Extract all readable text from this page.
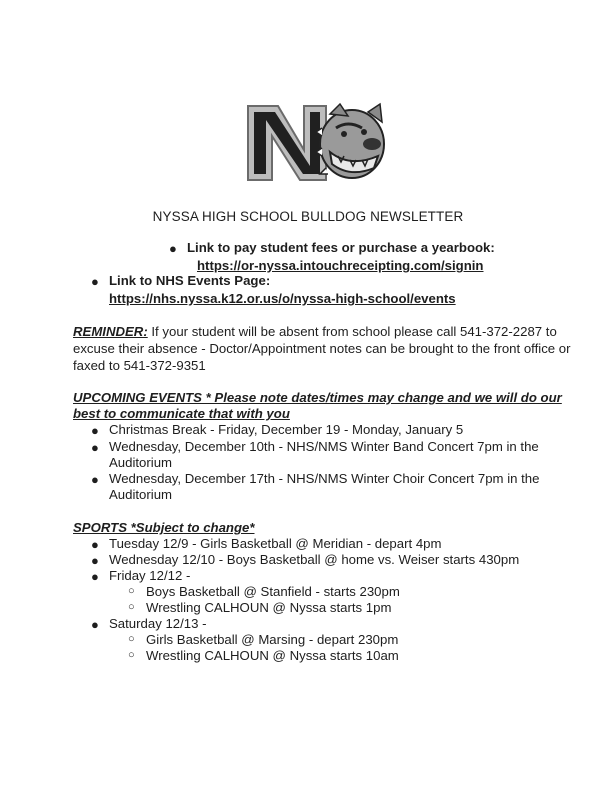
NYSSA HIGH SCHOOL BULLDOG NEWSLETTER
● Link to pay student fees or purchase a yearbook:
https://or-nyssa.intouchreceipting.com/signin
● Link to NHS Events Page:
https://nhs.nyssa.k12.or.us/o/nyssa-high-school/events
REMINDER: If your student will be absent from school please call 541-372-2287 to
excuse their absence - Doctor/Appointment notes can be brought to the front office or
faxed to 541-372-9351
UPCOMING EVENTS * Please note dates/times may change and we will do our
best to communicate that with you
● Christmas Break - Friday, December 19 - Monday, January 5
● Wednesday, December 10th - NHS/NMS Winter Band Concert 7pm in the
Auditorium
● Wednesday, December 17th - NHS/NMS Winter Choir Concert 7pm in the
Auditorium
SPORTS *Subject to change*
● Tuesday 12/9 - Girls Basketball @ Meridian - depart 4pm
● Wednesday 12/10 - Boys Basketball @ home vs. Weiser starts 430pm
● Friday 12/12 -
○ Boys Basketball @ Stanfield - starts 230pm
○ Wrestling CALHOUN @ Nyssa starts 1pm
● Saturday 12/13 -
○ Girls Basketball @ Marsing - depart 230pm
○ Wrestling CALHOUN @ Nyssa starts 10am
